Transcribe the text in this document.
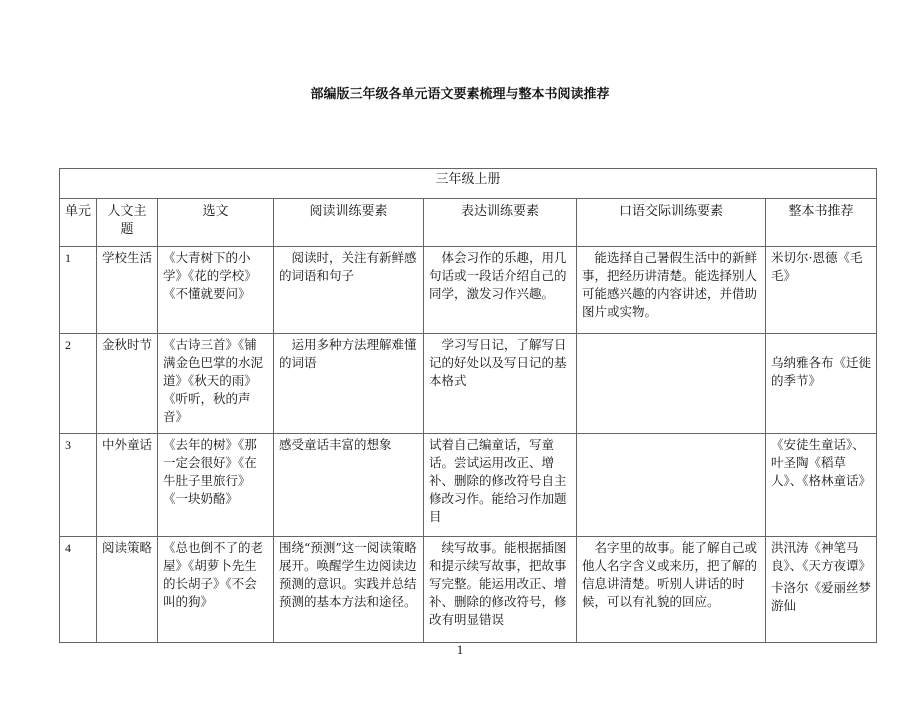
部编版三年级各单元语文要素梳理与整本书阅读推荐
三年级上册						
单元	人文主题	选文	阅读训练要素	表达训练要素	口语交际训练要素	整本书推荐
1	学校生活	《大青树下的小学》《花的学校》《不懂就要问》	阅读时，关注有新鲜感的词语和句子	体会习作的乐趣，用几句话或一段话介绍自己的同学，激发习作兴趣。	能选择自己暑假生活中的新鲜事，把经历讲清楚。能选择别人可能感兴趣的内容讲述，并借助图片或实物。	米切尔·恩德《毛毛》
2	金秋时节	《古诗三首》《铺满金色巴掌的水泥道》《秋天的雨》《听听，秋的声音》	运用多种方法理解难懂的词语	学习写日记，了解写日记的好处以及写日记的基本格式		乌纳雅各布《迁徙的季节》
3	中外童话	《去年的树》《那一定会很好》《在牛肚子里旅行》《一块奶酪》	感受童话丰富的想象	试着自己编童话，写童话。尝试运用改正、增补、删除的修改符号自主修改习作。能给习作加题目		《安徒生童话》、叶圣陶《稻草人》、《格林童话》
4	阅读策略	《总也倒不了的老屋》《胡萝卜先生的长胡子》《不会叫的狗》	围绕“预测”这一阅读策略展开。唤醒学生边阅读边预测的意识。实践并总结预测的基本方法和途径。	续写故事。能根据插图和提示续写故事，把故事写完整。能运用改正、增补、删除的修改符号，修改有明显错误	名字里的故事。能了解自己或他人名字含义或来历，把了解的信息讲清楚。听别人讲话的时候，可以有礼貌的回应。	洪汛涛《神笔马良》、《天方夜谭》
卡洛尔《爱丽丝梦游仙
1
